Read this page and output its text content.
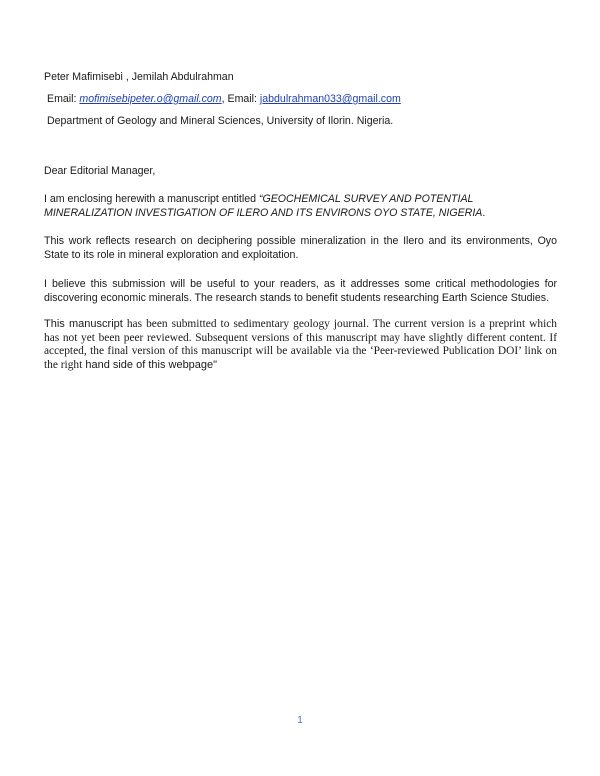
Peter Mafimisebi , Jemilah Abdulrahman
Email: mofimisebipeter.o@gmail.com, Email: jabdulrahman033@gmail.com
Department of Geology and Mineral Sciences, University of Ilorin. Nigeria.
Dear Editorial Manager,
I am enclosing herewith a manuscript entitled “GEOCHEMICAL SURVEY AND POTENTIAL MINERALIZATION INVESTIGATION OF ILERO AND ITS ENVIRONS OYO STATE, NIGERIA.
This work reflects research on deciphering possible mineralization in the Ilero and its environments, Oyo State to its role in mineral exploration and exploitation.
I believe this submission will be useful to your readers, as it addresses some critical methodologies for discovering economic minerals. The research stands to benefit students researching Earth Science Studies.
This manuscript has been submitted to sedimentary geology journal. The current version is a preprint which has not yet been peer reviewed. Subsequent versions of this manuscript may have slightly different content. If accepted, the final version of this manuscript will be available via the ‘Peer-reviewed Publication DOI’ link on the right hand side of this webpage"
1
